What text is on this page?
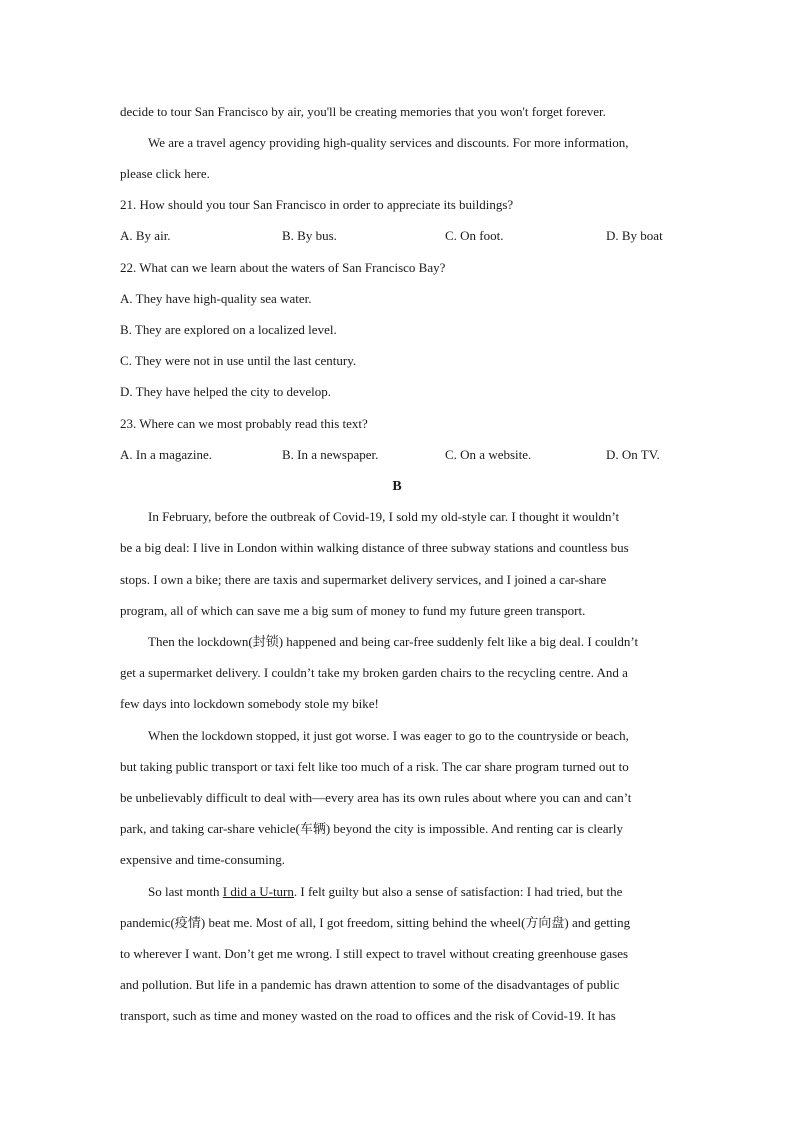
decide to tour San Francisco by air, you'll be creating memories that you won't forget forever.
We are a travel agency providing high-quality services and discounts. For more information,
please click here.
21. How should you tour San Francisco in order to appreciate its buildings?
A. By air.	B. By bus.	C. On foot.	D. By boat
22. What can we learn about the waters of San Francisco Bay?
A. They have high-quality sea water.
B. They are explored on a localized level.
C. They were not in use until the last century.
D. They have helped the city to develop.
23. Where can we most probably read this text?
A. In a magazine.	B. In a newspaper.	C. On a website.	D. On TV.
B
In February, before the outbreak of Covid-19, I sold my old-style car. I thought it wouldn’t
be a big deal: I live in London within walking distance of three subway stations and countless bus
stops. I own a bike; there are taxis and supermarket delivery services, and I joined a car-share
program, all of which can save me a big sum of money to fund my future green transport.
Then the lockdown(封锁) happened and being car-free suddenly felt like a big deal. I couldn’t
get a supermarket delivery. I couldn’t take my broken garden chairs to the recycling centre. And a
few days into lockdown somebody stole my bike!
When the lockdown stopped, it just got worse. I was eager to go to the countryside or beach,
but taking public transport or taxi felt like too much of a risk. The car share program turned out to
be unbelievably difficult to deal with—every area has its own rules about where you can and can’t
park, and taking car-share vehicle(车辆) beyond the city is impossible. And renting car is clearly
expensive and time-consuming.
So last month I did a U-turn. I felt guilty but also a sense of satisfaction: I had tried, but the
pandemic(疫情) beat me. Most of all, I got freedom, sitting behind the wheel(方向盘) and getting
to wherever I want. Don’t get me wrong. I still expect to travel without creating greenhouse gases
and pollution. But life in a pandemic has drawn attention to some of the disadvantages of public
transport, such as time and money wasted on the road to offices and the risk of Covid-19. It has
